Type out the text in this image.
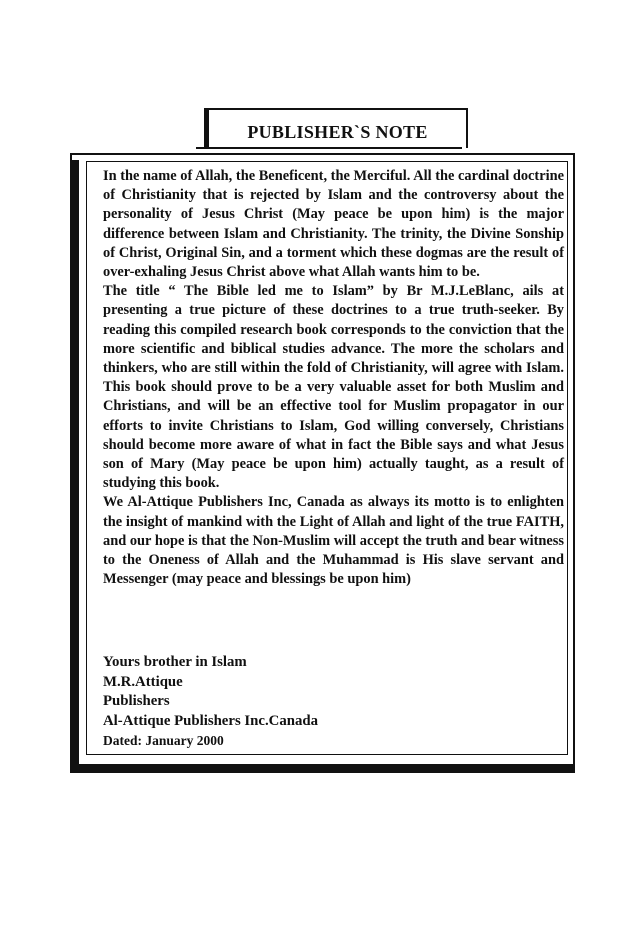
PUBLISHER`S NOTE

In the name of Allah, the Beneficent, the Merciful. All the cardinal doctrine of Christianity that is rejected by Islam and the controversy about the personality of Jesus Christ (May peace be upon him) is the major difference between Islam and Christianity. The trinity, the Divine Sonship of Christ, Original Sin, and a torment which these dogmas are the result of over-exhaling Jesus Christ above what Allah wants him to be.

The title “ The Bible led me to Islam” by Br M.J.LeBlanc, ails at presenting a true picture of these doctrines to a true truth-seeker. By reading this compiled research book corresponds to the conviction that the more scientific and biblical studies advance. The more the scholars and thinkers, who are still within the fold of Christianity, will agree with Islam. This book should prove to be a very valuable asset for both Muslim and Christians, and will be an effective tool for Muslim propagator in our efforts to invite Christians to Islam, God willing conversely, Christians should become more aware of what in fact the Bible says and what Jesus son of Mary (May peace be upon him) actually taught, as a result of studying this book.

We Al-Attique Publishers Inc, Canada as always its motto is to enlighten the insight of mankind with the Light of Allah and light of the true FAITH, and our hope is that the Non-Muslim will accept the truth and bear witness to the Oneness of Allah and the Muhammad is His slave servant and Messenger (may peace and blessings be upon him)

Yours brother in Islam
M.R.Attique
Publishers
Al-Attique Publishers Inc.Canada
Dated: January 2000
